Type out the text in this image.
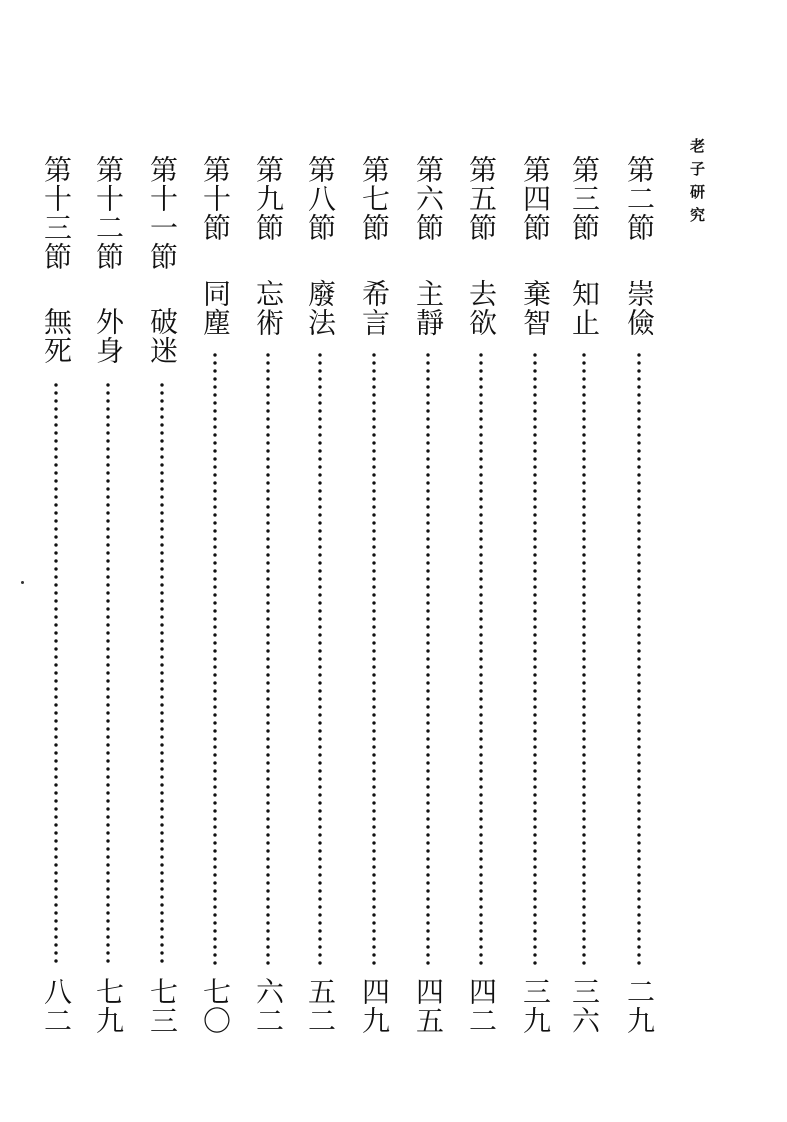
老子研究
第二節
崇儉
二九
第三節
知止
三六
第四節
棄智
三九
第五節
去欲
四二
第六節
主靜
四五
第七節
希言
四九
第八節
廢法
五二
第九節
忘術
六二
第十節
同塵
七〇
第十一節
破迷
七三
第十二節
外身
七九
第十三節
無死
八二
